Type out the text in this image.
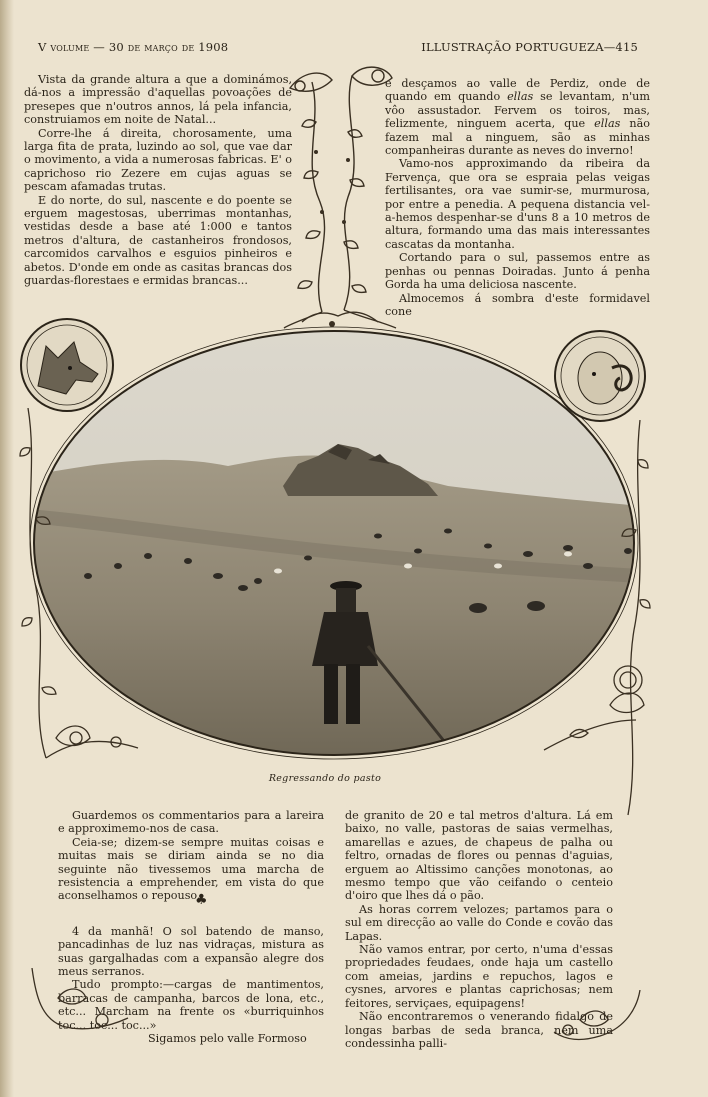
V volume — 30 de março de 1908	ILLUSTRAÇÃO PORTUGUEZA—415

Vista da grande altura a que a dominámos, dá-nos a impressão d'aquellas povoações de presepes que n'outros annos, lá pela infancia, construiamos em noite de Natal...

Corre-lhe á direita, chorosamente, uma larga fita de prata, luzindo ao sol, que vae dar o movimento, a vida a numerosas fabricas. E' o caprichoso rio Zezere em cujas aguas se pescam afamadas trutas.

E do norte, do sul, nascente e do poente se erguem magestosas, uberrimas montanhas, vestidas desde a base até 1:000 e tantos metros d'altura, de castanheiros frondosos, carcomidos carvalhos e esguios pinheiros e abetos. D'onde em onde as casitas brancas dos guardas-florestaes e ermidas brancas...

e desçamos ao valle de Perdiz, onde de quando em quando ellas se levantam, n'um vôo assustador. Fervem os toiros, mas, felizmente, ninguem acerta, que ellas não fazem mal a ninguem, são as minhas companheiras durante as neves do inverno!

Vamo-nos approximando da ribeira da Fervença, que ora se espraia pelas veigas fertilisantes, ora vae sumir-se, murmurosa, por entre a penedia. A pequena distancia vel-a-hemos despenhar-se d'uns 8 a 10 metros de altura, formando uma das mais interessantes cascatas da montanha.

Cortando para o sul, passemos entre as penhas ou pennas Doiradas. Junto á penha Gorda ha uma deliciosa nascente.

Almocemos á sombra d'este formidavel cone

Regressando do pasto

Guardemos os commentarios para a lareira e approximemo-nos de casa.

Ceia-se; dizem-se sempre muitas coisas e muitas mais se diriam ainda se no dia seguinte não tivessemos uma marcha de resistencia a emprehender, em vista do que aconselhamos o repouso.

4 da manhã! O sol batendo de manso, pancadinhas de luz nas vidraças, mistura as suas gargalhadas com a expansão alegre dos meus serranos.

Tudo prompto:—cargas de mantimentos, barracas de campanha, barcos de lona, etc., etc... Marcham na frente os «burriquinhos toc... toc... toc...»

Sigamos pelo valle Formoso

♣

de granito de 20 e tal metros d'altura. Lá em baixo, no valle, pastoras de saias vermelhas, amarellas e azues, de chapeus de palha ou feltro, ornadas de flores ou pennas d'aguias, erguem ao Altissimo canções monotonas, ao mesmo tempo que vão ceifando o centeio d'oiro que lhes dá o pão.

As horas correm velozes; partamos para o sul em direcção ao valle do Conde e covão das Lapas.

Não vamos entrar, por certo, n'uma d'essas propriedades feudaes, onde haja um castello com ameias, jardins e repuchos, lagos e cysnes, arvores e plantas caprichosas; nem feitores, serviçaes, equipagens!

Não encontraremos o venerando fidalgo de longas barbas de seda branca, nem uma condessinha palli-
